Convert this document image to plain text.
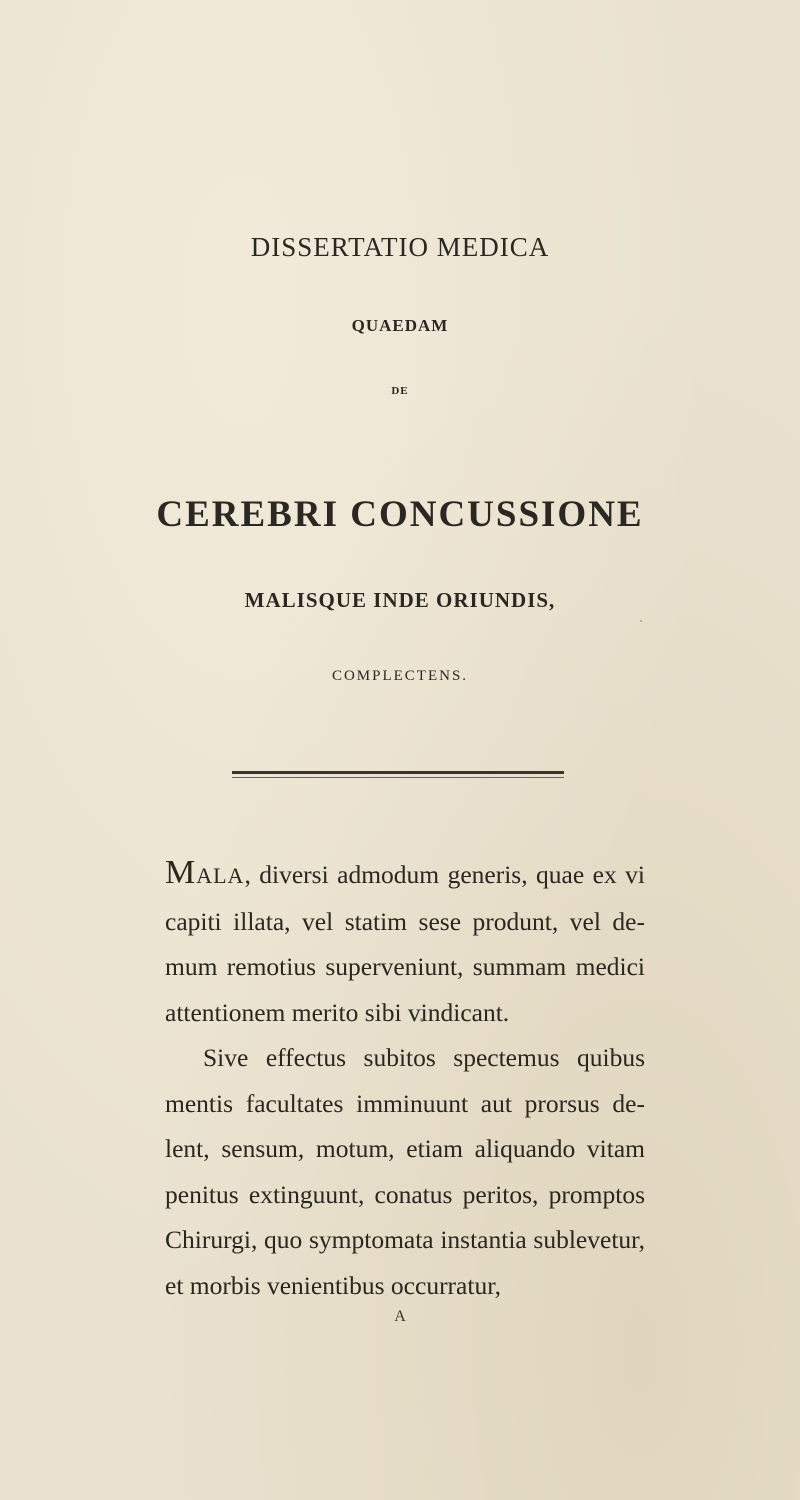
DISSERTATIO MEDICA
QUAEDAM
DE
CEREBRI CONCUSSIONE
MALISQUE INDE ORIUNDIS,
COMPLECTENS.

MALA, diversi admodum generis, quae ex vi capiti illata, vel statim sese produnt, vel demum remotius superveniunt, summam medici attentionem merito sibi vindicant.

Sive effectus subitos spectemus quibus mentis facultates imminuunt aut prorsus delent, sensum, motum, etiam aliquando vitam penitus extinguunt, conatus peritos, promptos Chirurgi, quo symptomata instantia sublevetur, et morbis venientibus occurratur,

A
